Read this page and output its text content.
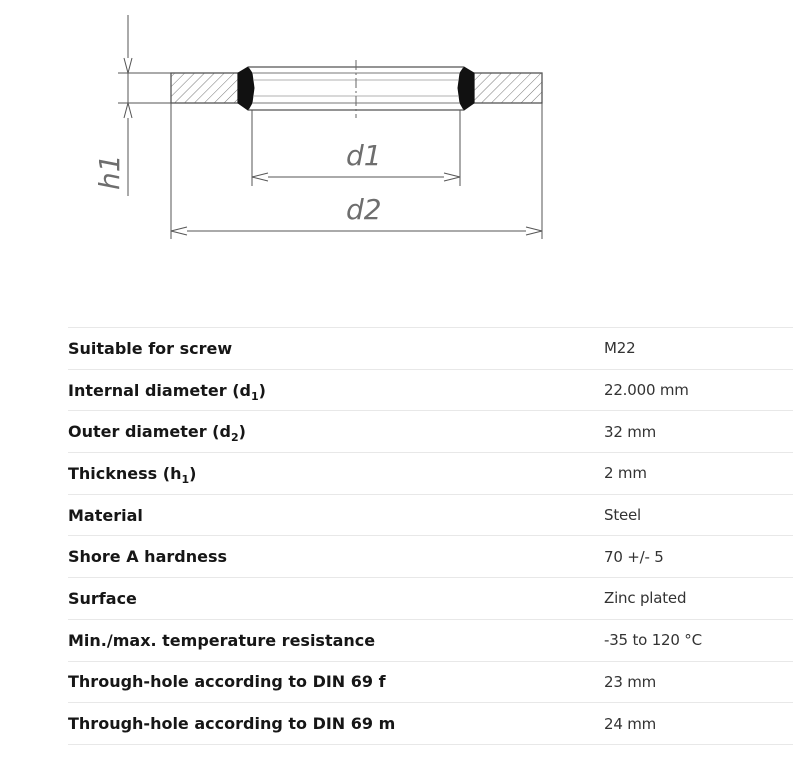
h1	d1
d2
Suitable for screw	M22
Internal diameter $(d_1)$	22.000 mm
Outer diameter $(d_2)$	32 mm
Thickness $(h_1)$	2 mm
Material	Steel
Shore A hardness	70 +/- 5
Surface	Zinc plated
Min./max. temperature resistance	-35 to 120 °C
Through-hole according to DIN 69 f	23 mm
Through-hole according to DIN 69 m	24 mm
